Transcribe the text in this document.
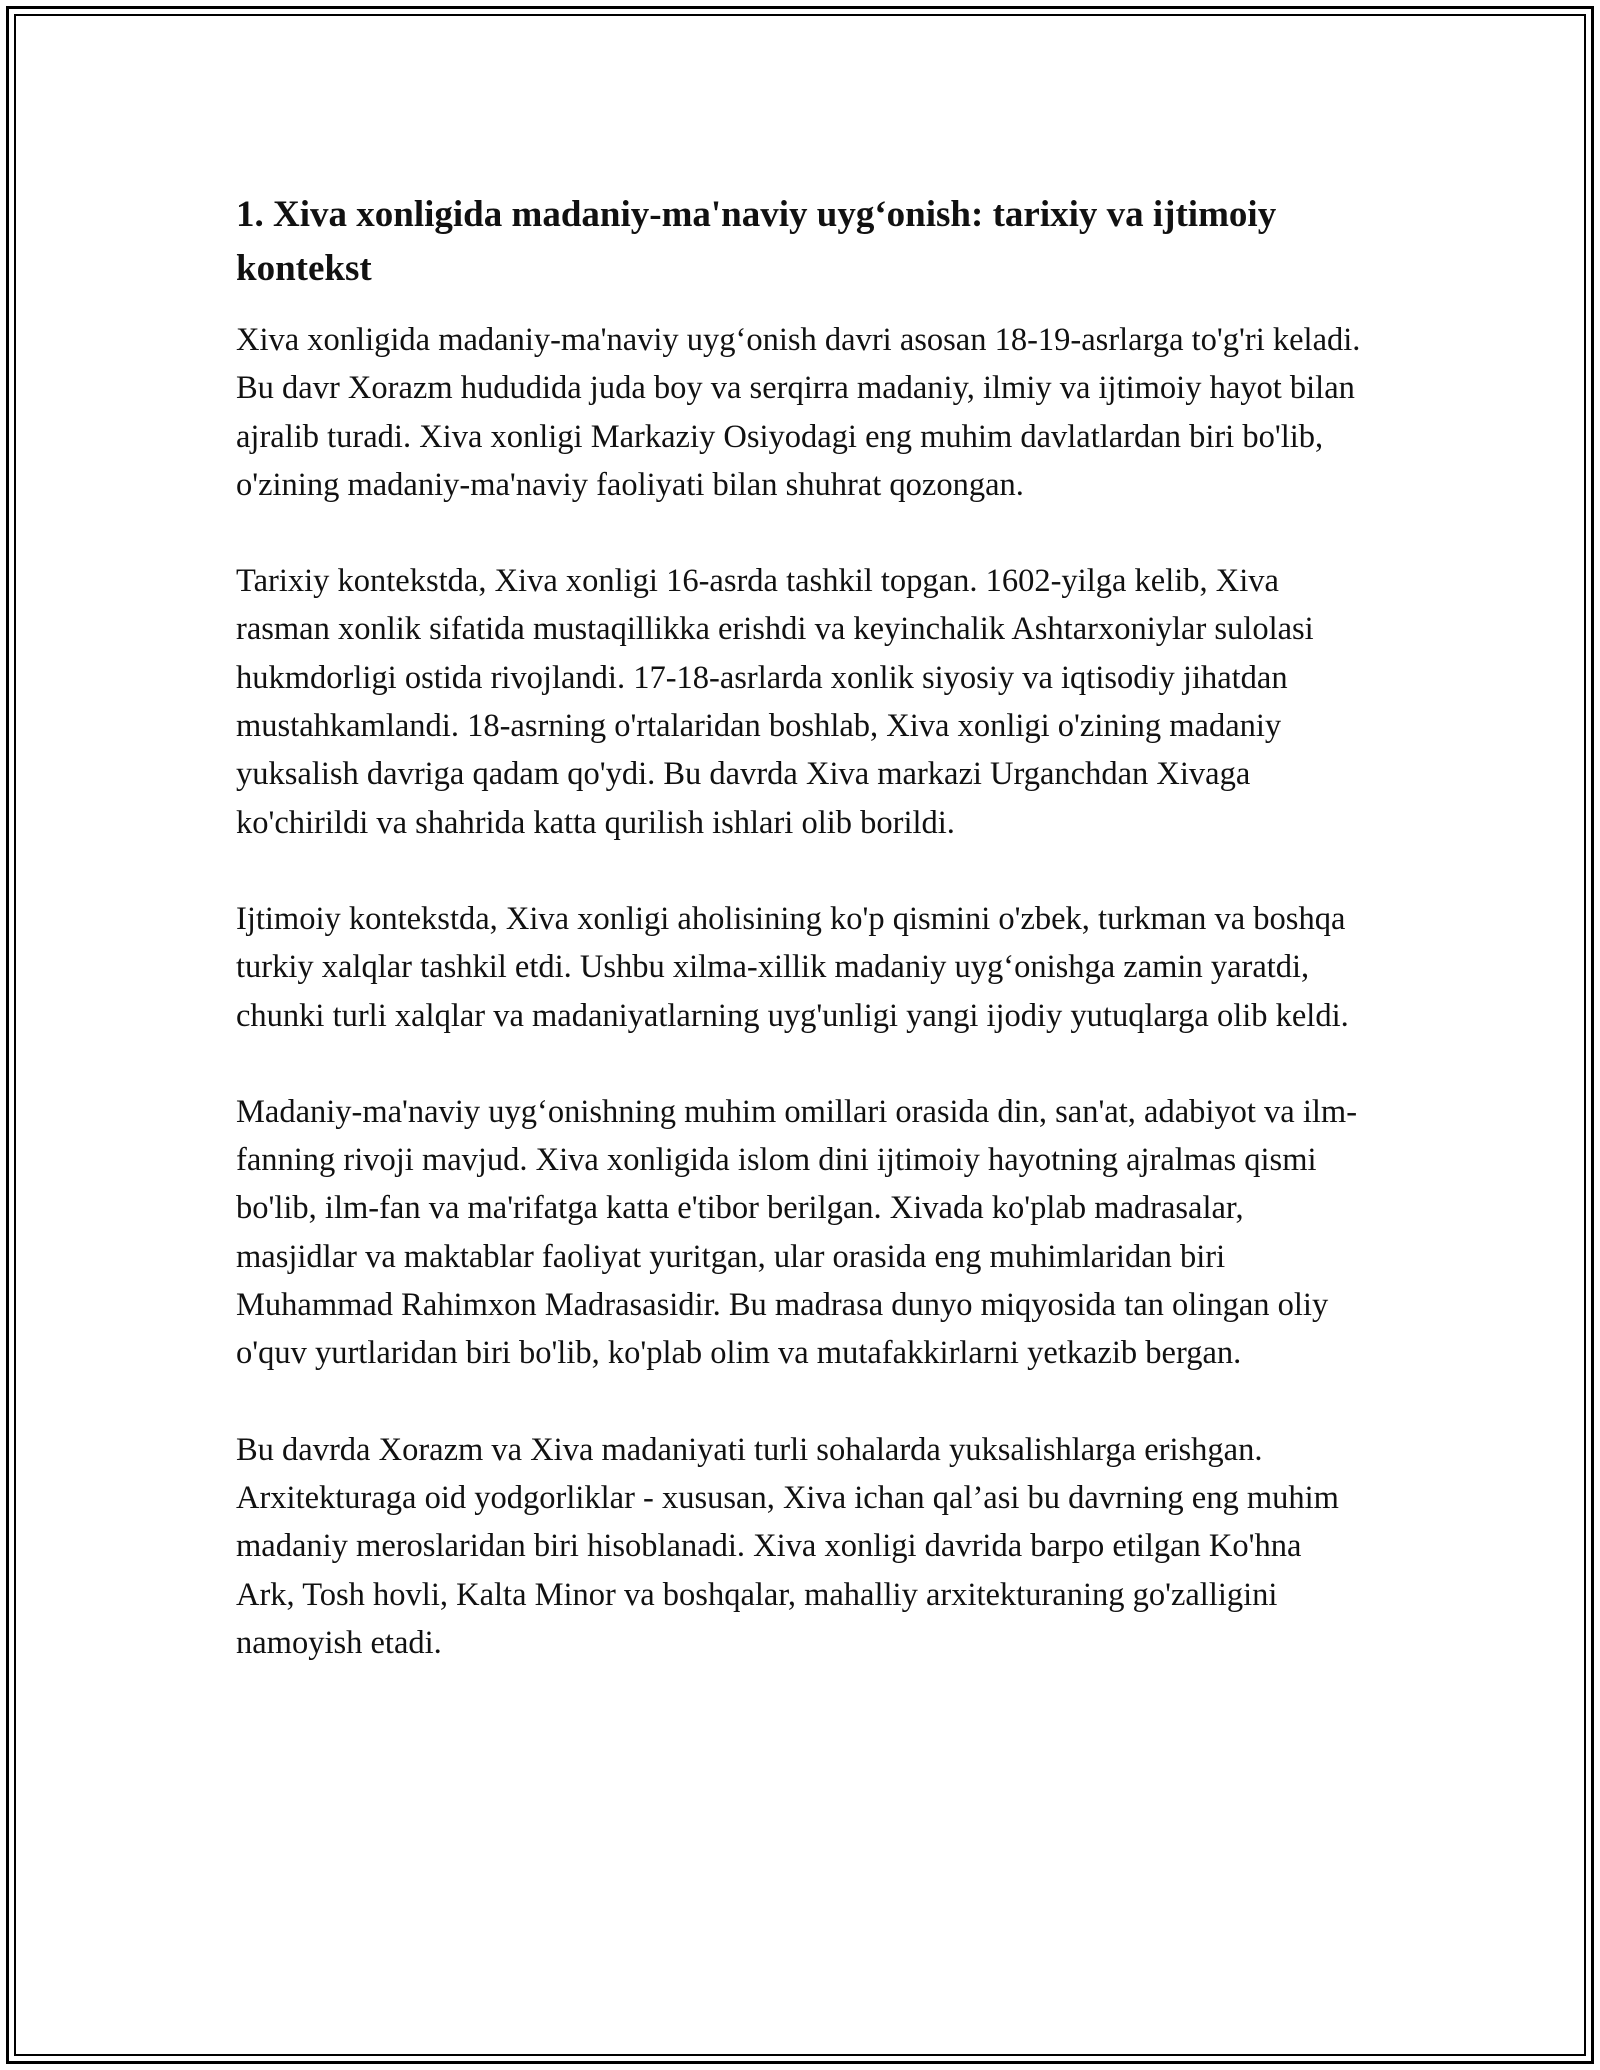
1. Xiva xonligida madaniy-ma'naviy uyg‘onish: tarixiy va ijtimoiy kontekst

Xiva xonligida madaniy-ma'naviy uyg‘onish davri asosan 18-19-asrlarga to'g'ri keladi. Bu davr Xorazm hududida juda boy va serqirra madaniy, ilmiy va ijtimoiy hayot bilan ajralib turadi. Xiva xonligi Markaziy Osiyodagi eng muhim davlatlardan biri bo'lib, o'zining madaniy-ma'naviy faoliyati bilan shuhrat qozongan.

Tarixiy kontekstda, Xiva xonligi 16-asrda tashkil topgan. 1602-yilga kelib, Xiva rasman xonlik sifatida mustaqillikka erishdi va keyinchalik Ashtarxoniylar sulolasi hukmdorligi ostida rivojlandi. 17-18-asrlarda xonlik siyosiy va iqtisodiy jihatdan mustahkamlandi. 18-asrning o'rtalaridan boshlab, Xiva xonligi o'zining madaniy yuksalish davriga qadam qo'ydi. Bu davrda Xiva markazi Urganchdan Xivaga ko'chirildi va shahrida katta qurilish ishlari olib borildi.

Ijtimoiy kontekstda, Xiva xonligi aholisining ko'p qismini o'zbek, turkman va boshqa turkiy xalqlar tashkil etdi. Ushbu xilma-xillik madaniy uyg‘onishga zamin yaratdi, chunki turli xalqlar va madaniyatlarning uyg'unligi yangi ijodiy yutuqlarga olib keldi.

Madaniy-ma'naviy uyg‘onishning muhim omillari orasida din, san'at, adabiyot va ilm-fanning rivoji mavjud. Xiva xonligida islom dini ijtimoiy hayotning ajralmas qismi bo'lib, ilm-fan va ma'rifatga katta e'tibor berilgan. Xivada ko'plab madrasalar, masjidlar va maktablar faoliyat yuritgan, ular orasida eng muhimlaridan biri Muhammad Rahimxon Madrasasidir. Bu madrasa dunyo miqyosida tan olingan oliy o'quv yurtlaridan biri bo'lib, ko'plab olim va mutafakkirlarni yetkazib bergan.

Bu davrda Xorazm va Xiva madaniyati turli sohalarda yuksalishlarga erishgan. Arxitekturaga oid yodgorliklar - xususan, Xiva ichan qal’asi bu davrning eng muhim madaniy meroslaridan biri hisoblanadi. Xiva xonligi davrida barpo etilgan Ko'hna Ark, Tosh hovli, Kalta Minor va boshqalar, mahalliy arxitekturaning go'zalligini namoyish etadi.
